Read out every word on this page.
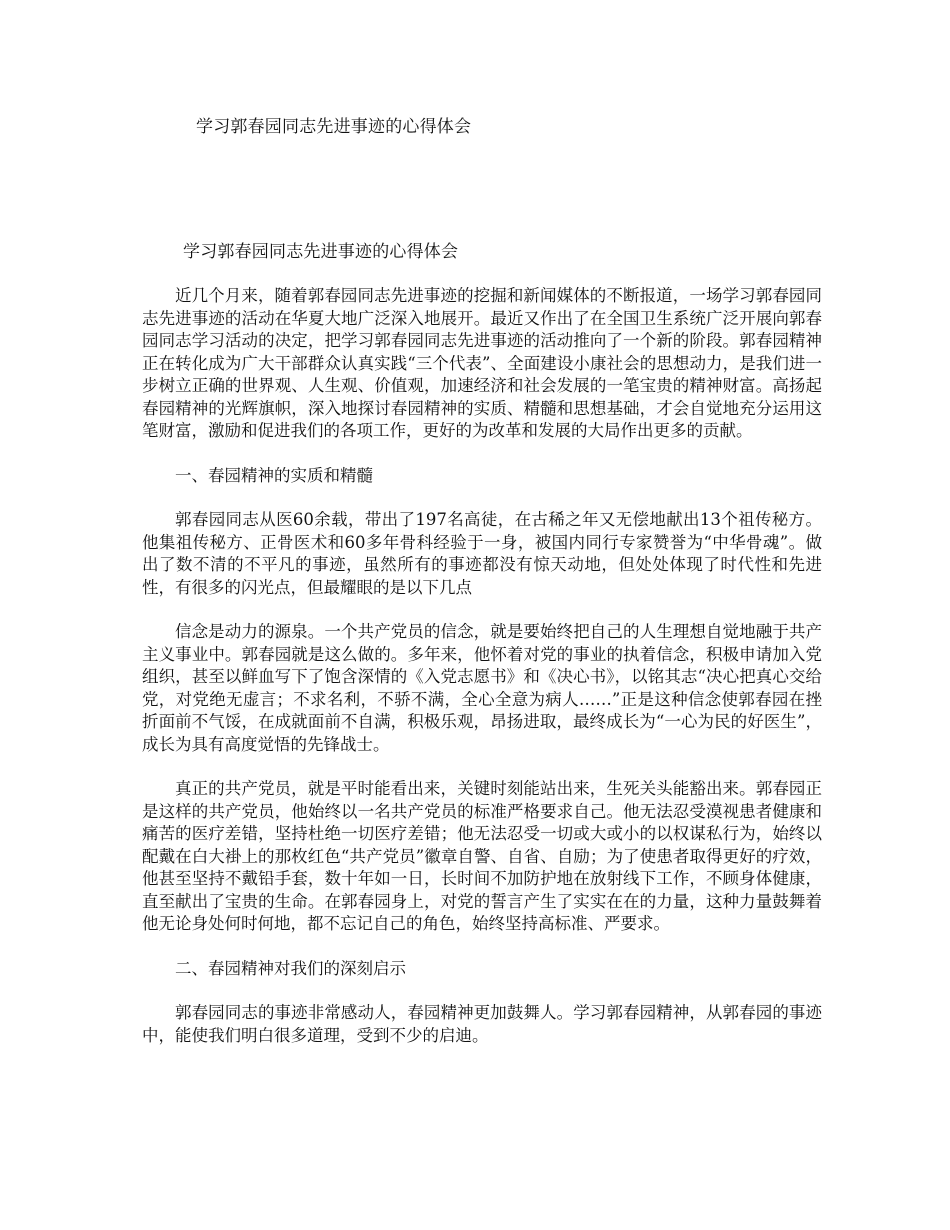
学习郭春园同志先进事迹的心得体会
学习郭春园同志先进事迹的心得体会

近几个月来，随着郭春园同志先进事迹的挖掘和新闻媒体的不断报道，一场学习郭春园同志先进事迹的活动在华夏大地广泛深入地展开。最近又作出了在全国卫生系统广泛开展向郭春园同志学习活动的决定，把学习郭春园同志先进事迹的活动推向了一个新的阶段。郭春园精神正在转化成为广大干部群众认真实践“三个代表”、全面建设小康社会的思想动力，是我们进一步树立正确的世界观、人生观、价值观，加速经济和社会发展的一笔宝贵的精神财富。高扬起春园精神的光辉旗帜，深入地探讨春园精神的实质、精髓和思想基础，才会自觉地充分运用这笔财富，激励和促进我们的各项工作，更好的为改革和发展的大局作出更多的贡献。

一、春园精神的实质和精髓

郭春园同志从医60余载，带出了197名高徒，在古稀之年又无偿地献出13个祖传秘方。他集祖传秘方、正骨医术和60多年骨科经验于一身，被国内同行专家赞誉为“中华骨魂”。做出了数不清的不平凡的事迹，虽然所有的事迹都没有惊天动地，但处处体现了时代性和先进性，有很多的闪光点，但最耀眼的是以下几点

信念是动力的源泉。一个共产党员的信念，就是要始终把自己的人生理想自觉地融于共产主义事业中。郭春园就是这么做的。多年来，他怀着对党的事业的执着信念，积极申请加入党组织，甚至以鲜血写下了饱含深情的《入党志愿书》和《决心书》，以铭其志“决心把真心交给党，对党绝无虚言；不求名利，不骄不满，全心全意为病人……”正是这种信念使郭春园在挫折面前不气馁，在成就面前不自满，积极乐观，昂扬进取，最终成长为“一心为民的好医生”，成长为具有高度觉悟的先锋战士。

真正的共产党员，就是平时能看出来，关键时刻能站出来，生死关头能豁出来。郭春园正是这样的共产党员，他始终以一名共产党员的标准严格要求自己。他无法忍受漠视患者健康和痛苦的医疗差错，坚持杜绝一切医疗差错；他无法忍受一切或大或小的以权谋私行为，始终以配戴在白大褂上的那枚红色“共产党员”徽章自警、自省、自励；为了使患者取得更好的疗效，他甚至坚持不戴铅手套，数十年如一日，长时间不加防护地在放射线下工作，不顾身体健康，直至献出了宝贵的生命。在郭春园身上，对党的誓言产生了实实在在的力量，这种力量鼓舞着他无论身处何时何地，都不忘记自己的角色，始终坚持高标准、严要求。

二、春园精神对我们的深刻启示

郭春园同志的事迹非常感动人，春园精神更加鼓舞人。学习郭春园精神，从郭春园的事迹中，能使我们明白很多道理，受到不少的启迪。
